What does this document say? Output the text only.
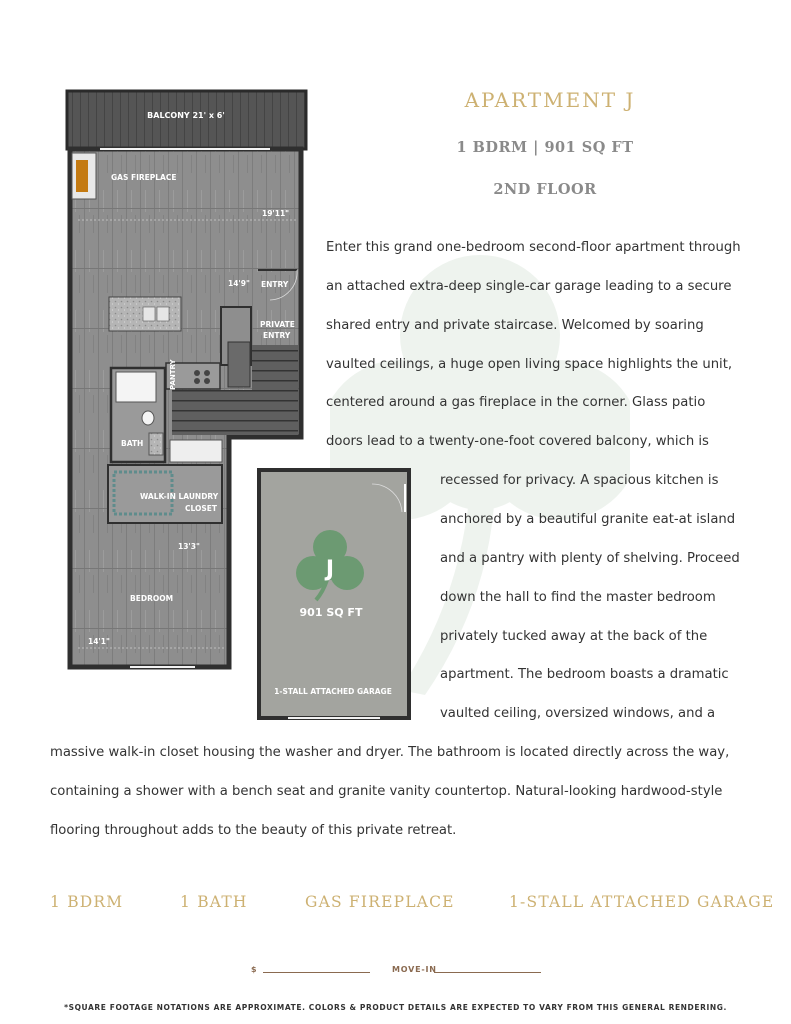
BALCONY 21' x 6'
GAS FIREPLACE
19'11"
14'9" ENTRY
PRIVATE
ENTRY
PANTRY
BATH
WALK-IN LAUNDRY
CLOSET
13'3"
BEDROOM
14'1"
1-STALL ATTACHED GARAGE
J
901 SQ FT
APARTMENT J
1 BDRM | 901 SQ FT
2ND FLOOR
Enter this grand one-bedroom second-floor apartment through
an attached extra-deep single-car garage leading to a secure
shared entry and private staircase. Welcomed by soaring
vaulted ceilings, a huge open living space highlights the unit,
centered around a gas fireplace in the corner. Glass patio
doors lead to a twenty-one-foot covered balcony, which is
recessed for privacy. A spacious kitchen is
anchored by a beautiful granite eat-at island
and a pantry with plenty of shelving. Proceed
down the hall to find the master bedroom
privately tucked away at the back of the
apartment. The bedroom boasts a dramatic
vaulted ceiling, oversized windows, and a
massive walk-in closet housing the washer and dryer. The bathroom is located directly across the way,
containing a shower with a bench seat and granite vanity countertop. Natural-looking hardwood-style
flooring throughout adds to the beauty of this private retreat.
1 BDRM	1 BATH	GAS FIREPLACE	1-STALL ATTACHED GARAGE
$	MOVE-IN
*SQUARE FOOTAGE NOTATIONS ARE APPROXIMATE. COLORS & PRODUCT DETAILS ARE EXPECTED TO VARY FROM THIS GENERAL RENDERING.
